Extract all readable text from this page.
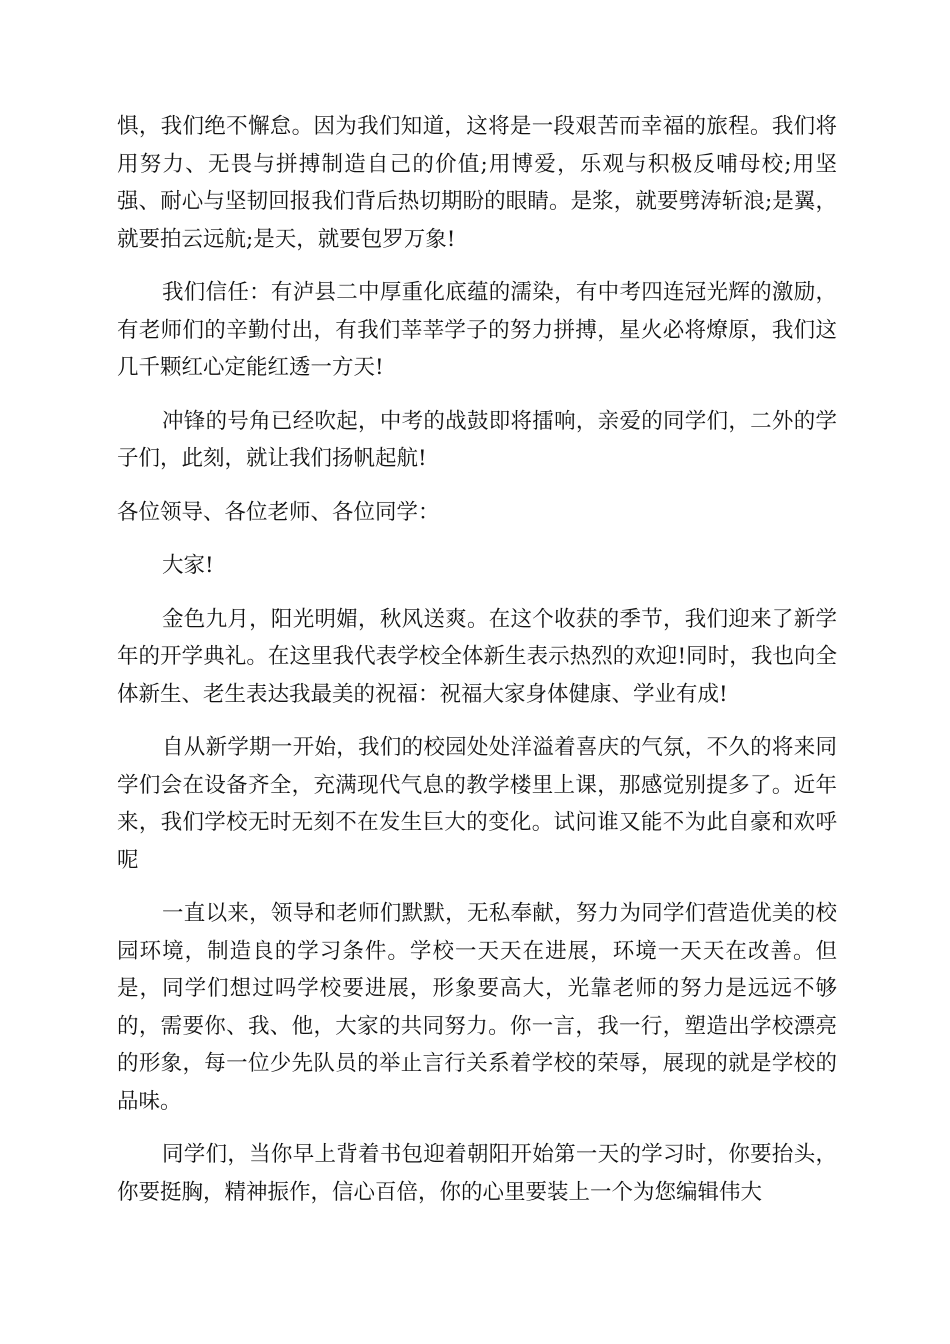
惧，我们绝不懈怠。因为我们知道，这将是一段艰苦而幸福的旅程。我们将用努力、无畏与拼搏制造自己的价值;用博爱，乐观与积极反哺母校;用坚强、耐心与坚韧回报我们背后热切期盼的眼睛。是浆，就要劈涛斩浪;是翼，就要拍云远航;是天，就要包罗万象!

我们信任：有泸县二中厚重化底蕴的濡染，有中考四连冠光辉的激励，有老师们的辛勤付出，有我们莘莘学子的努力拼搏，星火必将燎原，我们这几千颗红心定能红透一方天!

冲锋的号角已经吹起，中考的战鼓即将擂响，亲爱的同学们，二外的学子们，此刻，就让我们扬帆起航!

各位领导、各位老师、各位同学：

大家!

金色九月，阳光明媚，秋风送爽。在这个收获的季节，我们迎来了新学年的开学典礼。在这里我代表学校全体新生表示热烈的欢迎!同时，我也向全体新生、老生表达我最美的祝福：祝福大家身体健康、学业有成!

自从新学期一开始，我们的校园处处洋溢着喜庆的气氛，不久的将来同学们会在设备齐全，充满现代气息的教学楼里上课，那感觉别提多了。近年来，我们学校无时无刻不在发生巨大的变化。试问谁又能不为此自豪和欢呼呢

一直以来，领导和老师们默默，无私奉献，努力为同学们营造优美的校园环境，制造良的学习条件。学校一天天在进展，环境一天天在改善。但是，同学们想过吗学校要进展，形象要高大，光靠老师的努力是远远不够的，需要你、我、他，大家的共同努力。你一言，我一行，塑造出学校漂亮的形象，每一位少先队员的举止言行关系着学校的荣辱，展现的就是学校的品味。

同学们，当你早上背着书包迎着朝阳开始第一天的学习时，你要抬头，你要挺胸，精神振作，信心百倍，你的心里要装上一个为您编辑伟大
